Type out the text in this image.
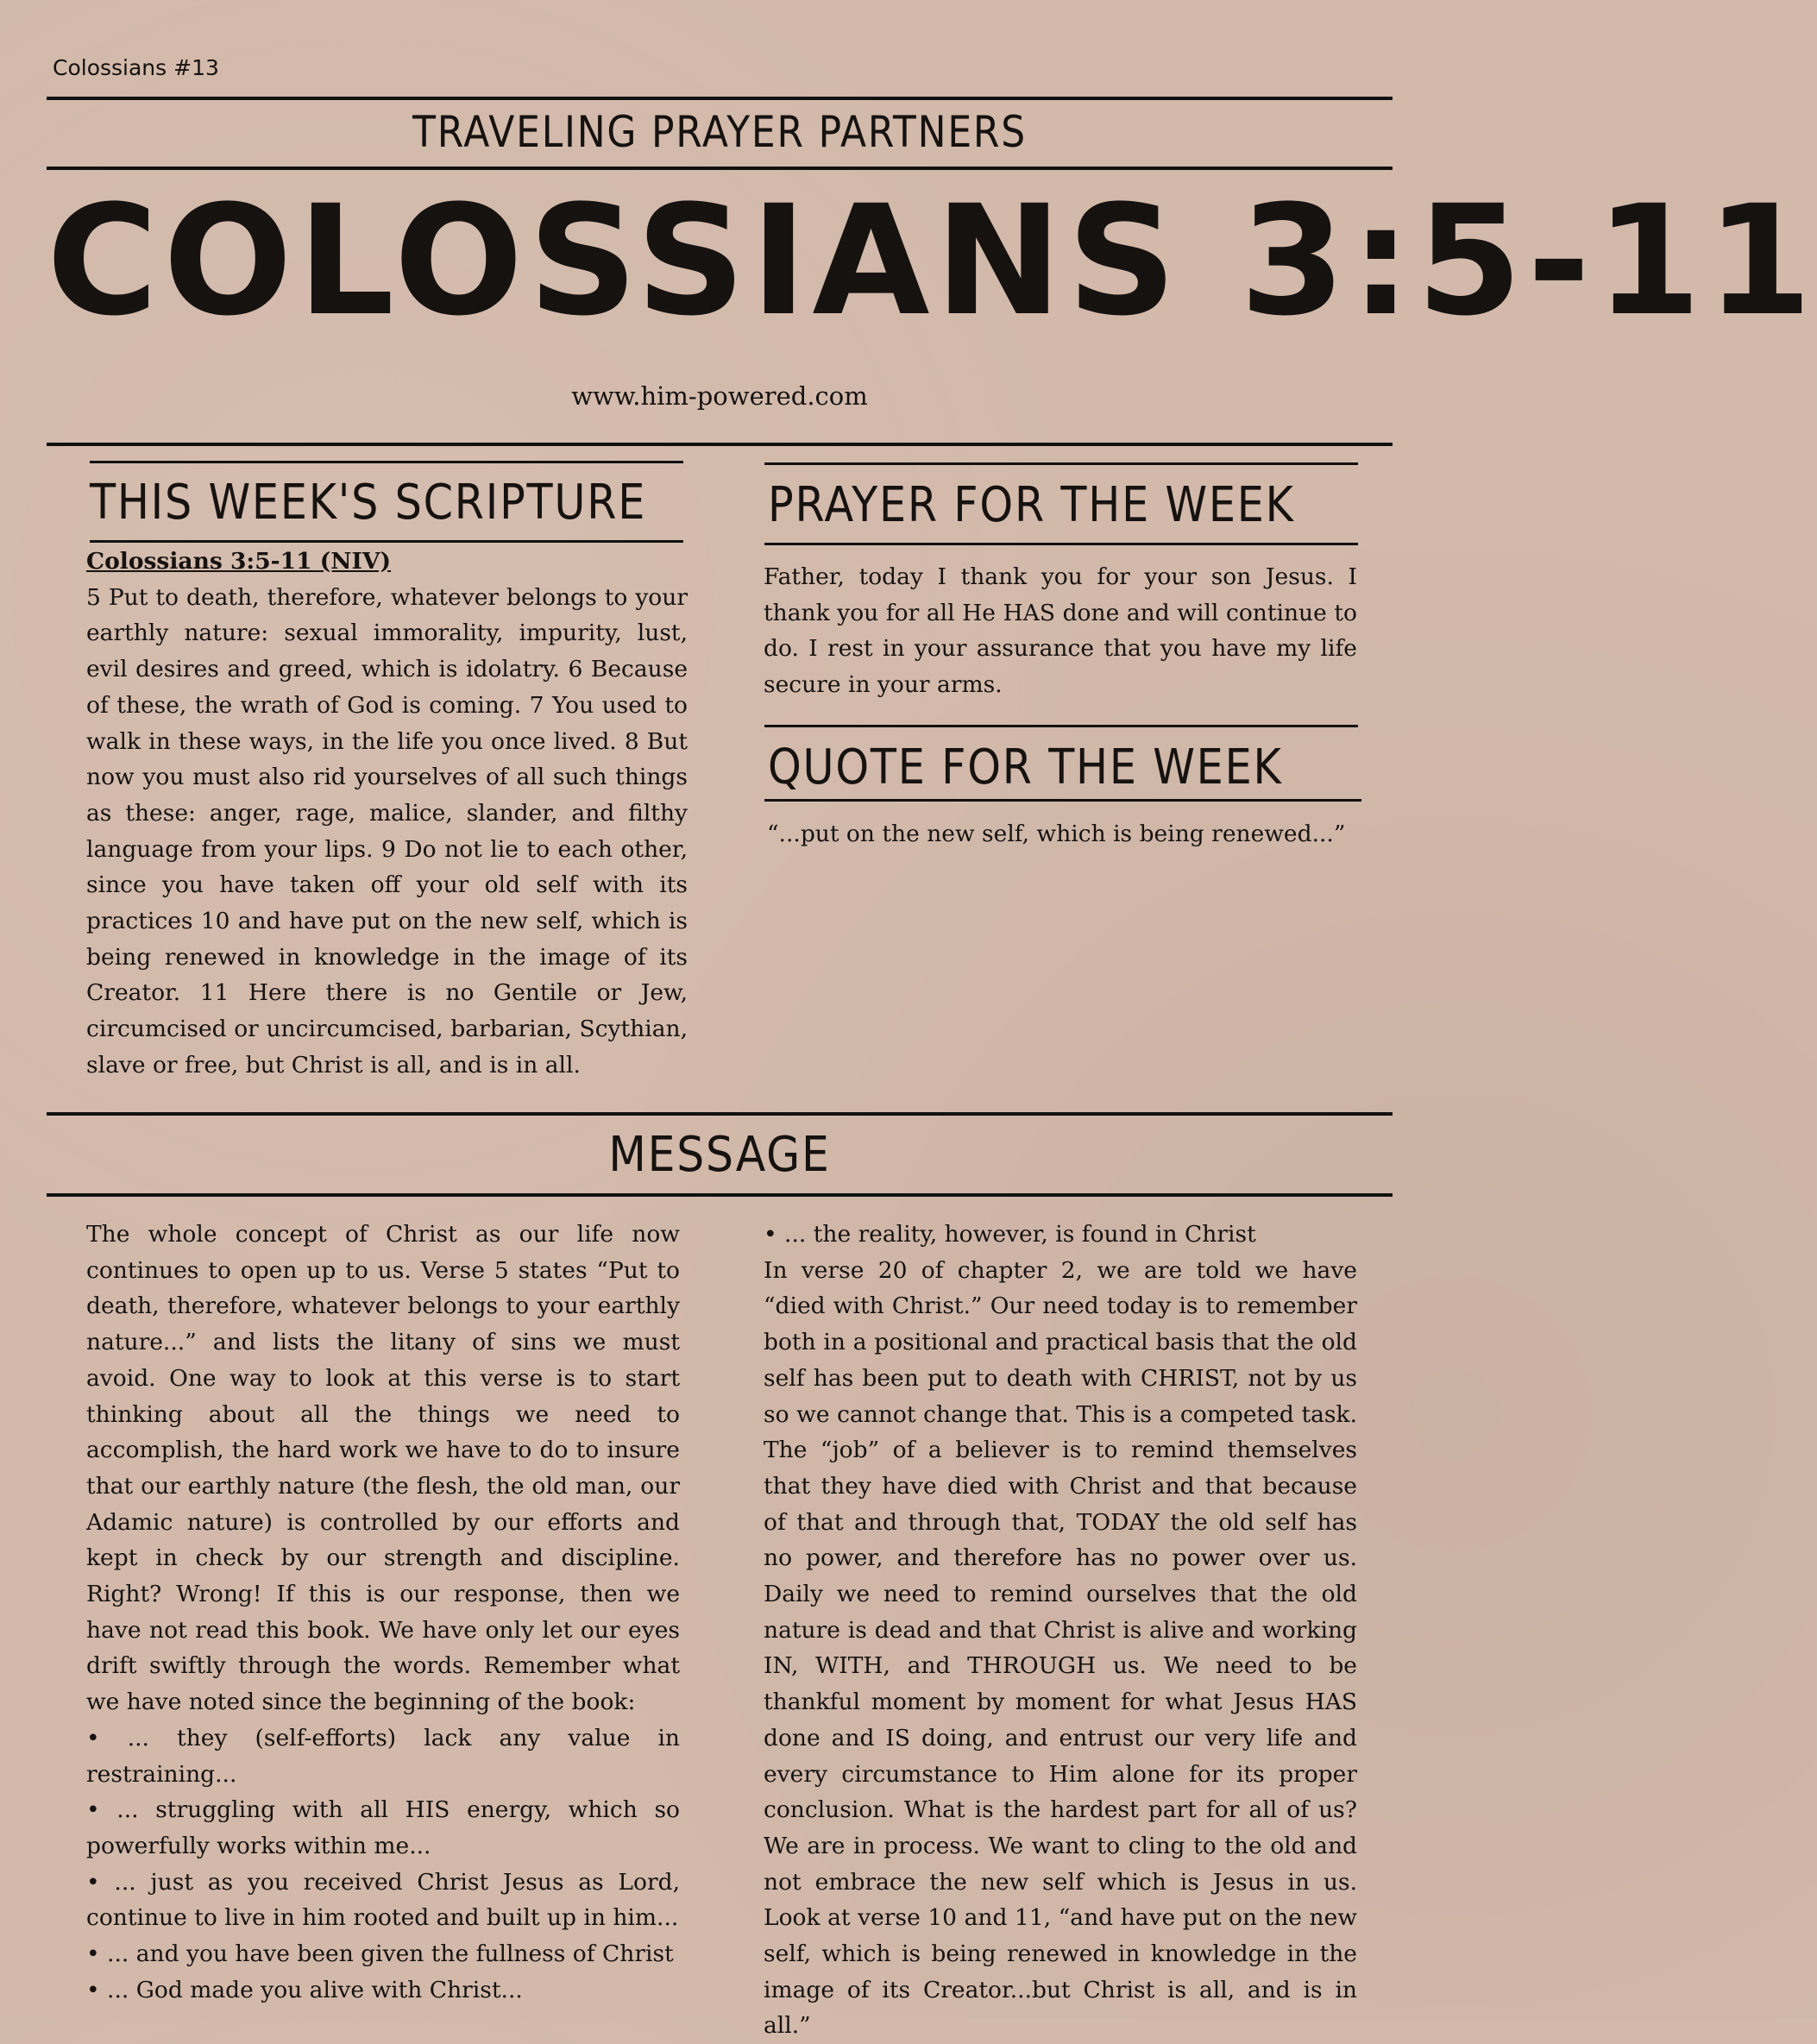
Colossians #13
TRAVELING PRAYER PARTNERS
COLOSSIANS 3:5-11
www.him-powered.com
THIS WEEK'S SCRIPTURE

Colossians 3:5-11 (NIV)

5 Put to death, therefore, whatever belongs to your earthly nature: sexual immorality, impurity, lust, evil desires and greed, which is idolatry. 6 Because of these, the wrath of God is coming. 7 You used to walk in these ways, in the life you once lived. 8 But now you must also rid yourselves of all such things as these: anger, rage, malice, slander, and filthy language from your lips. 9 Do not lie to each other, since you have taken off your old self with its practices 10 and have put on the new self, which is being renewed in knowledge in the image of its Creator. 11 Here there is no Gentile or Jew, circumcised or uncircumcised, barbarian, Scythian, slave or free, but Christ is all, and is in all.

PRAYER FOR THE WEEK
Father, today I thank you for your son Jesus. I thank you for all He HAS done and will continue to do. I rest in your assurance that you have my life secure in your arms.
QUOTE FOR THE WEEK
“...put on the new self, which is being renewed...”
MESSAGE

The whole concept of Christ as our life now continues to open up to us. Verse 5 states “Put to death, therefore, whatever belongs to your earthly nature...” and lists the litany of sins we must avoid. One way to look at this verse is to start thinking about all the things we need to accomplish, the hard work we have to do to insure that our earthly nature (the flesh, the old man, our Adamic nature) is controlled by our efforts and kept in check by our strength and discipline. Right? Wrong! If this is our response, then we have not read this book. We have only let our eyes drift swiftly through the words. Remember what we have noted since the beginning of the book:

• ... they (self-efforts) lack any value in restraining...

• ... struggling with all HIS energy, which so powerfully works within me...

• ... just as you received Christ Jesus as Lord, continue to live in him rooted and built up in him...

• ... and you have been given the fullness of Christ

• ... God made you alive with Christ...

• ... the reality, however, is found in Christ

In verse 20 of chapter 2, we are told we have “died with Christ.” Our need today is to remember both in a positional and practical basis that the old self has been put to death with CHRIST, not by us so we cannot change that. This is a competed task. The “job” of a believer is to remind themselves that they have died with Christ and that because of that and through that, TODAY the old self has no power, and therefore has no power over us. Daily we need to remind ourselves that the old nature is dead and that Christ is alive and working IN, WITH, and THROUGH us. We need to be thankful moment by moment for what Jesus HAS done and IS doing, and entrust our very life and every circumstance to Him alone for its proper conclusion. What is the hardest part for all of us? We are in process. We want to cling to the old and not embrace the new self which is Jesus in us. Look at verse 10 and 11, “and have put on the new self, which is being renewed in knowledge in the image of its Creator...but Christ is all, and is in all.”
